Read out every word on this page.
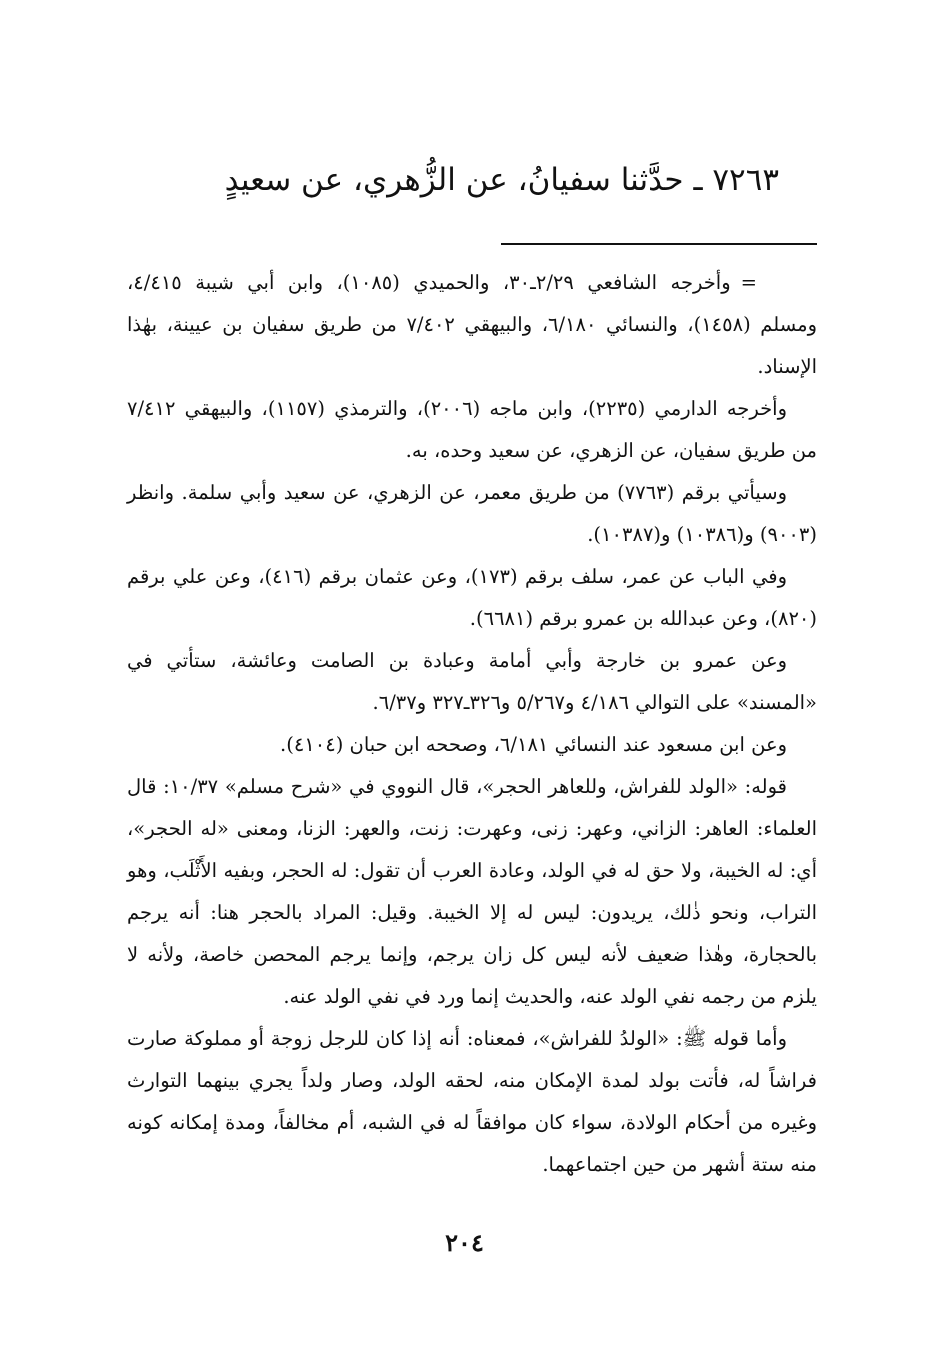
٧٢٦٣ ـ حدَّثنا سفيانُ، عن الزُّهري، عن سعيدٍ

=وأخرجه الشافعي ٢/٢٩ـ٣٠، والحميدي (١٠٨٥)، وابن أبي شيبة ٤/٤١٥، ومسلم (١٤٥٨)، والنسائي ٦/١٨٠، والبيهقي ٧/٤٠٢ من طريق سفيان بن عيينة، بهٰذا الإسناد.

وأخرجه الدارمي (٢٢٣٥)، وابن ماجه (٢٠٠٦)، والترمذي (١١٥٧)، والبيهقي ٧/٤١٢ من طريق سفيان، عن الزهري، عن سعيد وحده، به.

وسيأتي برقم (٧٧٦٣) من طريق معمر، عن الزهري، عن سعيد وأبي سلمة. وانظر (٩٠٠٣) و(١٠٣٨٦) و(١٠٣٨٧).

وفي الباب عن عمر، سلف برقم (١٧٣)، وعن عثمان برقم (٤١٦)، وعن علي برقم (٨٢٠)، وعن عبدالله بن عمرو برقم (٦٦٨١).

وعن عمرو بن خارجة وأبي أمامة وعبادة بن الصامت وعائشة، ستأتي في «المسند» على التوالي ٤/١٨٦ و٥/٢٦٧ و٣٢٦ـ٣٢٧ و٦/٣٧.

وعن ابن مسعود عند النسائي ٦/١٨١، وصححه ابن حبان (٤١٠٤).

قوله: «الولد للفراش، وللعاهر الحجر»، قال النووي في «شرح مسلم» ١٠/٣٧: قال العلماء: العاهر: الزاني، وعهر: زنى، وعهرت: زنت، والعهر: الزنا، ومعنى «له الحجر»، أي: له الخيبة، ولا حق له في الولد، وعادة العرب أن تقول: له الحجر، وبفيه الأَثْلَب، وهو التراب، ونحو ذٰلك، يريدون: ليس له إلا الخيبة. وقيل: المراد بالحجر هنا: أنه يرجم بالحجارة، وهٰذا ضعيف لأنه ليس كل زان يرجم، وإنما يرجم المحصن خاصة، ولأنه لا يلزم من رجمه نفي الولد عنه، والحديث إنما ورد في نفي الولد عنه.

وأما قوله ﷺ: «الولدُ للفراش»، فمعناه: أنه إذا كان للرجل زوجة أو مملوكة صارت فراشاً له، فأتت بولد لمدة الإمكان منه، لحقه الولد، وصار ولداً يجري بينهما التوارث وغيره من أحكام الولادة، سواء كان موافقاً له في الشبه، أم مخالفاً، ومدة إمكانه كونه منه ستة أشهر من حين اجتماعهما.

٢٠٤
